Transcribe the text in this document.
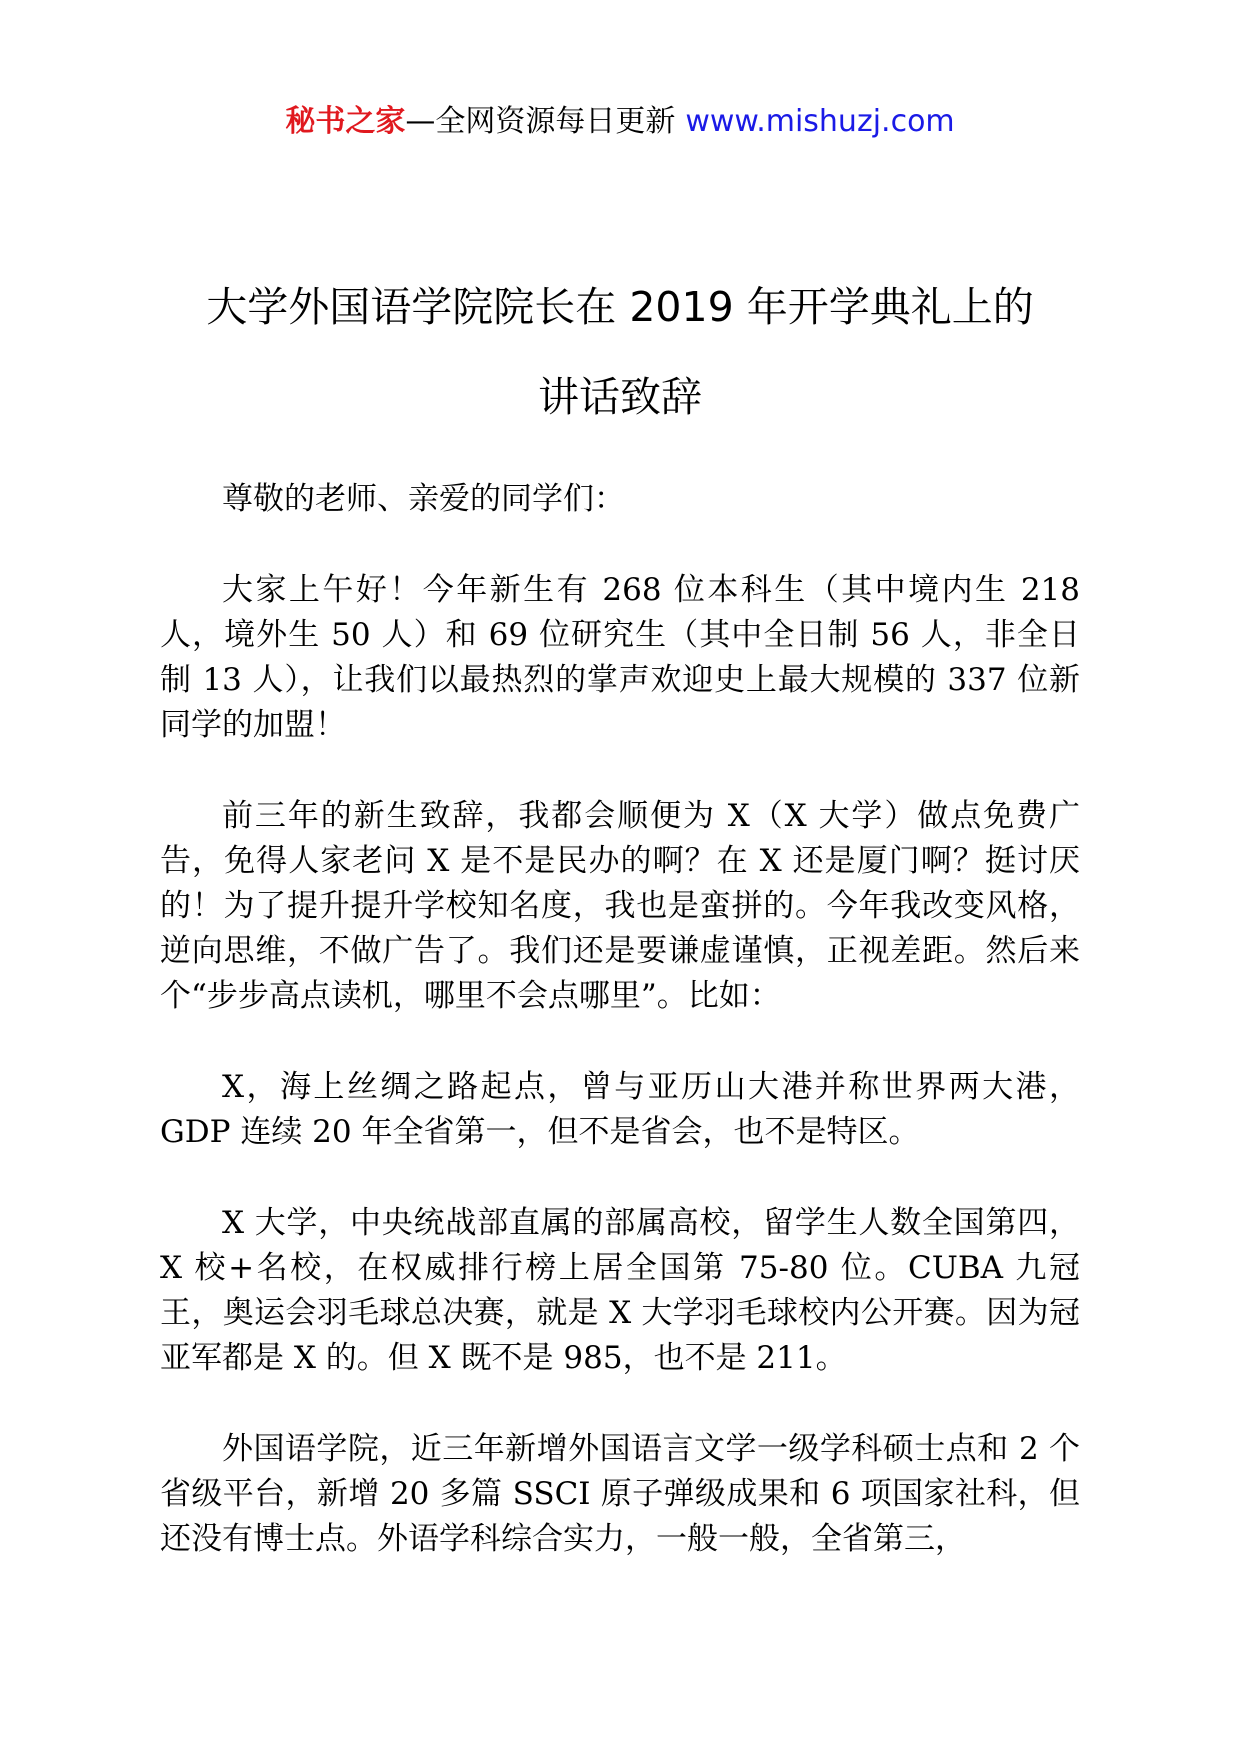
秘书之家—全网资源每日更新 www.mishuzj.com
大学外国语学院院长在 2019 年开学典礼上的
讲话致辞

尊敬的老师、亲爱的同学们：

大家上午好！今年新生有 268 位本科生（其中境内生 218 人，境外生 50 人）和 69 位研究生（其中全日制 56 人，非全日制 13 人），让我们以最热烈的掌声欢迎史上最大规模的 337 位新同学的加盟！

前三年的新生致辞，我都会顺便为 X（X 大学）做点免费广告，免得人家老问 X 是不是民办的啊？在 X 还是厦门啊？挺讨厌的！为了提升提升学校知名度，我也是蛮拼的。今年我改变风格，逆向思维，不做广告了。我们还是要谦虚谨慎，正视差距。然后来个“步步高点读机，哪里不会点哪里”。比如：

X，海上丝绸之路起点，曾与亚历山大港并称世界两大港，GDP 连续 20 年全省第一，但不是省会，也不是特区。

X 大学，中央统战部直属的部属高校，留学生人数全国第四，X 校+名校，在权威排行榜上居全国第 75-80 位。CUBA 九冠王，奥运会羽毛球总决赛，就是 X 大学羽毛球校内公开赛。因为冠亚军都是 X 的。但 X 既不是 985，也不是 211。

外国语学院，近三年新增外国语言文学一级学科硕士点和 2 个省级平台，新增 20 多篇 SSCI 原子弹级成果和 6 项国家社科，但还没有博士点。外语学科综合实力，一般一般，全省第三，
